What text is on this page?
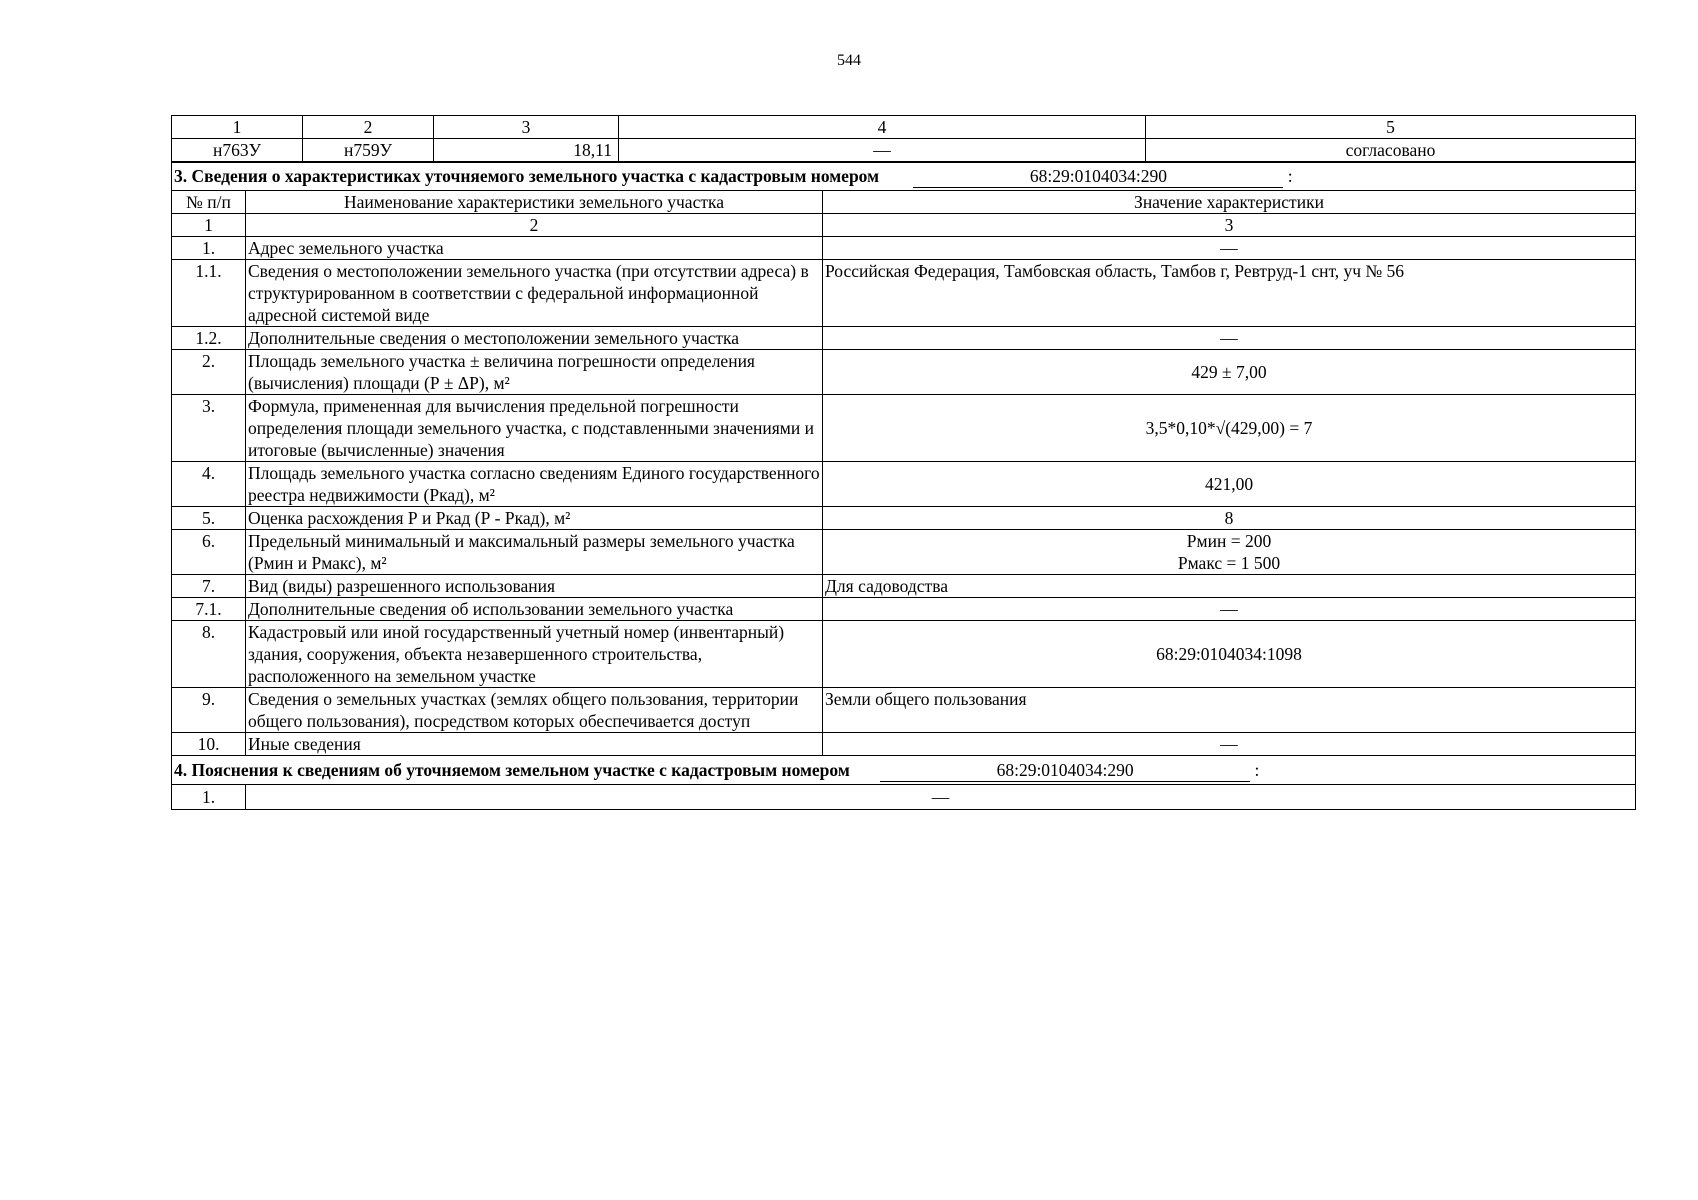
544
1	2	3	4	5
н763У	н759У	18,11	—	согласовано
3. Сведения о характеристиках уточняемого земельного участка с кадастровым номером 68:29:0104034:290 :		
№ п/п	Наименование характеристики земельного участка	Значение характеристики
1	2	3
1.	Адрес земельного участка	—
1.1.	Сведения о местоположении земельного участка (при отсутствии адреса) в структурированном в соответствии с федеральной информационной адресной системой виде	Российская Федерация, Тамбовская область, Тамбов г, Ревтруд-1 снт, уч № 56
1.2.	Дополнительные сведения о местоположении земельного участка	—
2.	Площадь земельного участка ± величина погрешности определения (вычисления) площади (Р ± ΔР), м²	429 ± 7,00
3.	Формула, примененная для вычисления предельной погрешности определения площади земельного участка, с подставленными значениями и итоговые (вычисленные) значения	3,5*0,10*√(429,00) = 7
4.	Площадь земельного участка согласно сведениям Единого государственного реестра недвижимости (Ркад), м²	421,00
5.	Оценка расхождения Р и Ркад (Р - Ркад), м²	8
6.	Предельный минимальный и максимальный размеры земельного участка (Рмин и Рмакс), м²	Рмин = 200
Рмакс = 1 500

7.	Вид (виды) разрешенного использования	Для садоводства
7.1.	Дополнительные сведения об использовании земельного участка	—
8.	Кадастровый или иной государственный учетный номер (инвентарный) здания, сооружения, объекта незавершенного строительства, расположенного на земельном участке	68:29:0104034:1098
9.	Сведения о земельных участках (землях общего пользования, территории общего пользования), посредством которых обеспечивается доступ	Земли общего пользования
10.	Иные сведения	—
4. Пояснения к сведениям об уточняемом земельном участке с кадастровым номером 68:29:0104034:290 :		
1.	—	
